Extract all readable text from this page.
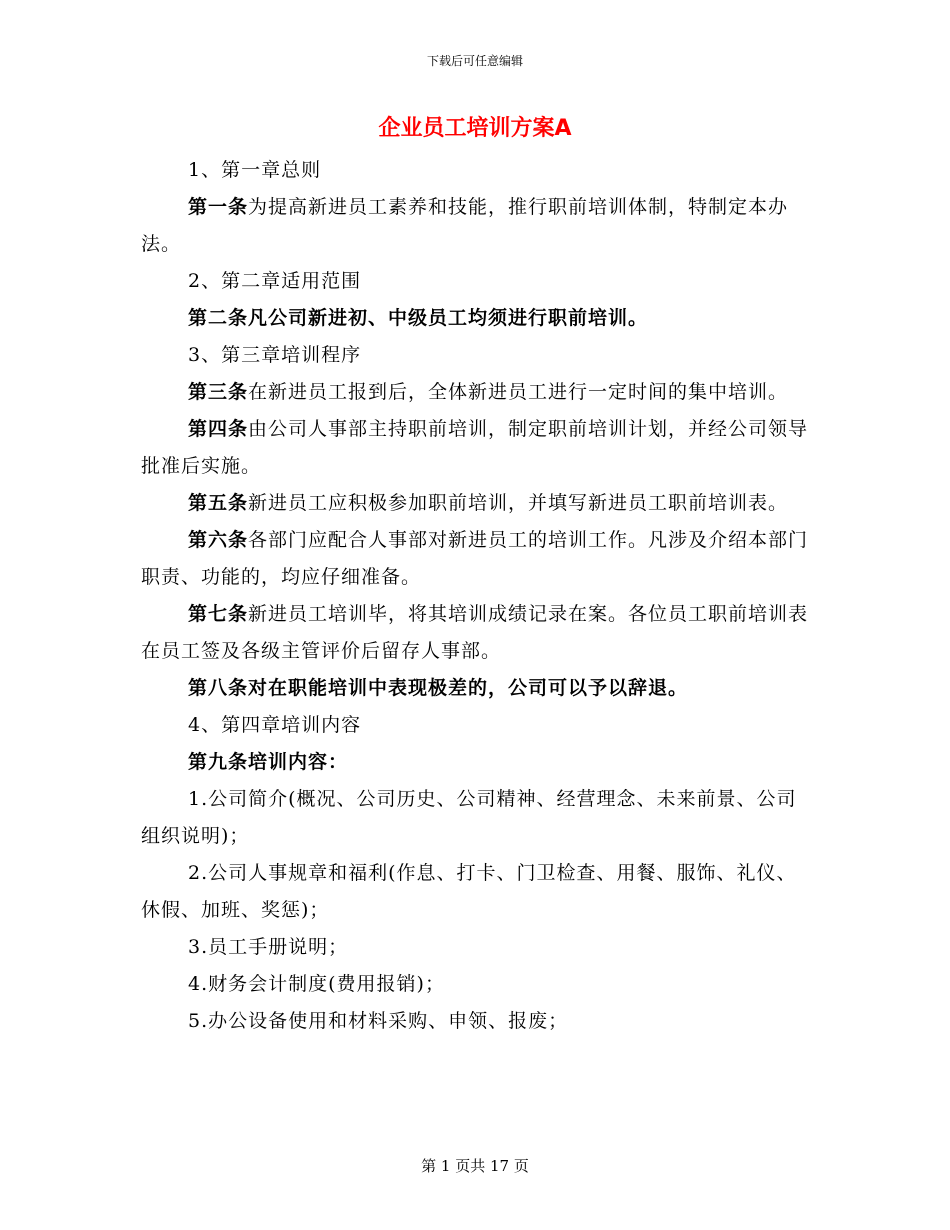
下载后可任意编辑
企业员工培训方案A

1、第一章总则

第一条为提高新进员工素养和技能，推行职前培训体制，特制定本办法。

2、第二章适用范围

第二条凡公司新进初、中级员工均须进行职前培训。

3、第三章培训程序

第三条在新进员工报到后，全体新进员工进行一定时间的集中培训。

第四条由公司人事部主持职前培训，制定职前培训计划，并经公司领导批准后实施。

第五条新进员工应积极参加职前培训，并填写新进员工职前培训表。

第六条各部门应配合人事部对新进员工的培训工作。凡涉及介绍本部门职责、功能的，均应仔细准备。

第七条新进员工培训毕，将其培训成绩记录在案。各位员工职前培训表在员工签及各级主管评价后留存人事部。

第八条对在职能培训中表现极差的，公司可以予以辞退。

4、第四章培训内容

第九条培训内容：

1.公司简介(概况、公司历史、公司精神、经营理念、未来前景、公司组织说明)；

2.公司人事规章和福利(作息、打卡、门卫检查、用餐、服饰、礼仪、休假、加班、奖惩)；

3.员工手册说明；

4.财务会计制度(费用报销)；

5.办公设备使用和材料采购、申领、报废；

第 1 页共 17 页
